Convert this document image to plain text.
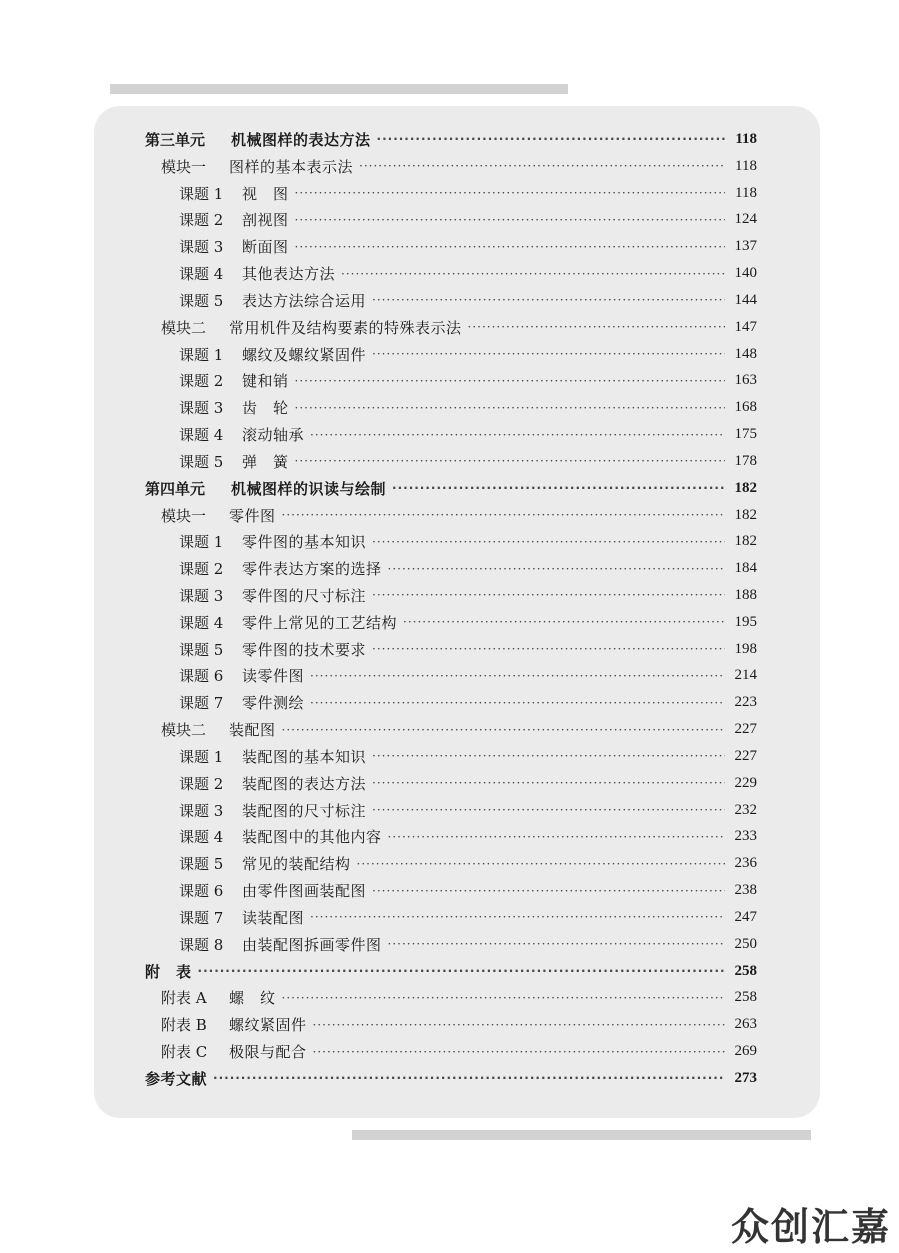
第三单元	机械图样的表达方法 ·····	118
模块一	图样的基本表示法 ·····	118
课题 1	视　图 ·····	118
课题 2	剖视图 ·····	124
课题 3	断面图 ·····	137
课题 4	其他表达方法 ·····	140
课题 5	表达方法综合运用 ·····	144
模块二	常用机件及结构要素的特殊表示法 ·····	147
课题 1	螺纹及螺纹紧固件 ·····	148
课题 2	键和销 ·····	163
课题 3	齿　轮 ·····	168
课题 4	滚动轴承 ·····	175
课题 5	弹　簧 ·····	178
第四单元	机械图样的识读与绘制 ·····	182
模块一	零件图 ·····	182
课题 1	零件图的基本知识 ·····	182
课题 2	零件表达方案的选择 ·····	184
课题 3	零件图的尺寸标注 ·····	188
课题 4	零件上常见的工艺结构 ·····	195
课题 5	零件图的技术要求 ·····	198
课题 6	读零件图 ·····	214
课题 7	零件测绘 ·····	223
模块二	装配图 ·····	227
课题 1	装配图的基本知识 ·····	227
课题 2	装配图的表达方法 ·····	229
课题 3	装配图的尺寸标注 ·····	232
课题 4	装配图中的其他内容 ·····	233
课题 5	常见的装配结构 ·····	236
课题 6	由零件图画装配图 ·····	238
课题 7	读装配图 ·····	247
课题 8	由装配图拆画零件图 ·····	250
附　表 ·····	258
附表 A	螺　纹 ·····	258
附表 B	螺纹紧固件 ·····	263
附表 C	极限与配合 ·····	269
参考文献 ·····	273
众创汇嘉
